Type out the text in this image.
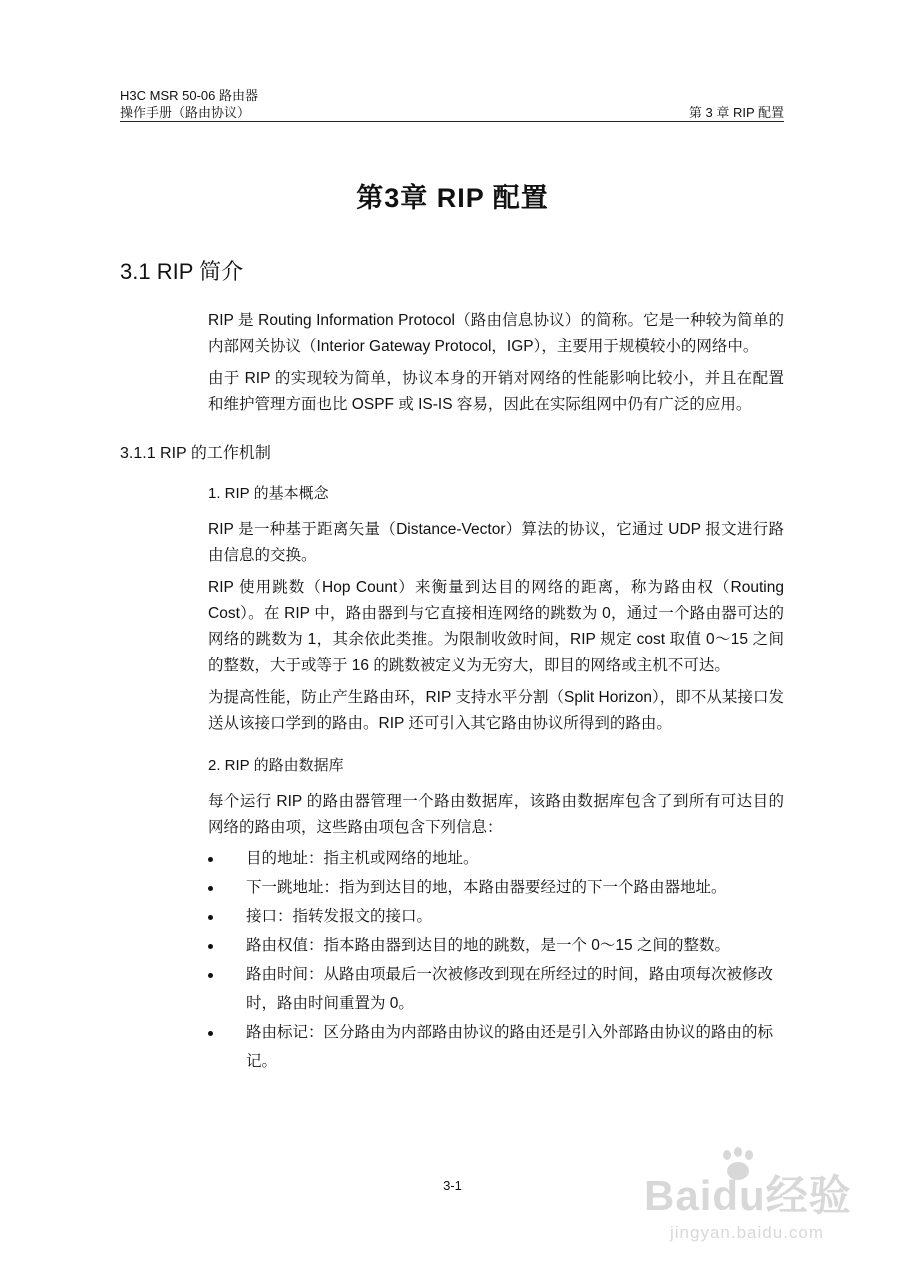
H3C MSR 50-06 路由器
操作手册（路由协议）	第 3 章 RIP 配置
第3章 RIP 配置
3.1 RIP 简介

RIP 是 Routing Information Protocol（路由信息协议）的简称。它是一种较为简单的内部网关协议（Interior Gateway Protocol，IGP），主要用于规模较小的网络中。

由于 RIP 的实现较为简单，协议本身的开销对网络的性能影响比较小，并且在配置和维护管理方面也比 OSPF 或 IS-IS 容易，因此在实际组网中仍有广泛的应用。

3.1.1 RIP 的工作机制

1. RIP 的基本概念

RIP 是一种基于距离矢量（Distance-Vector）算法的协议，它通过 UDP 报文进行路由信息的交换。

RIP 使用跳数（Hop Count）来衡量到达目的网络的距离，称为路由权（Routing Cost）。在 RIP 中，路由器到与它直接相连网络的跳数为 0，通过一个路由器可达的网络的跳数为 1，其余依此类推。为限制收敛时间，RIP 规定 cost 取值 0～15 之间的整数，大于或等于 16 的跳数被定义为无穷大，即目的网络或主机不可达。

为提高性能，防止产生路由环，RIP 支持水平分割（Split Horizon），即不从某接口发送从该接口学到的路由。RIP 还可引入其它路由协议所得到的路由。

2. RIP 的路由数据库

每个运行 RIP 的路由器管理一个路由数据库，该路由数据库包含了到所有可达目的网络的路由项，这些路由项包含下列信息：

目的地址：指主机或网络的地址。
下一跳地址：指为到达目的地，本路由器要经过的下一个路由器地址。
接口：指转发报文的接口。
路由权值：指本路由器到达目的地的跳数，是一个 0～15 之间的整数。
路由时间：从路由项最后一次被修改到现在所经过的时间，路由项每次被修改时，路由时间重置为 0。
路由标记：区分路由为内部路由协议的路由还是引入外部路由协议的路由的标记。
3-1	Baidu经验
jingyan.baidu.com
